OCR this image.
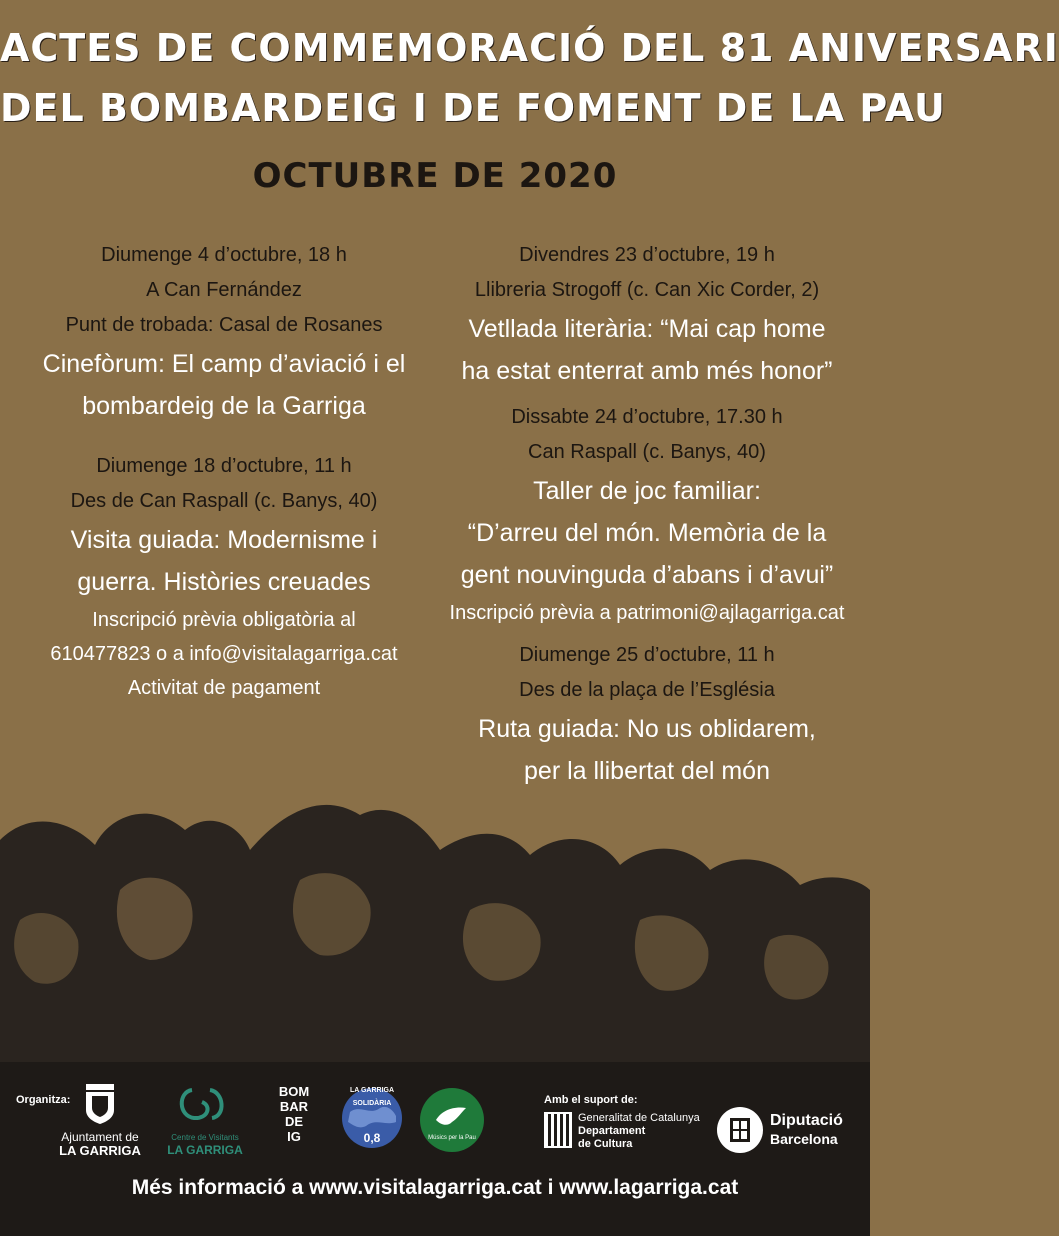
ACTES DE COMMEMORACIÓ DEL 81 ANIVERSARI
DEL BOMBARDEIG I DE FOMENT DE LA PAU
OCTUBRE DE 2020
Diumenge 4 d’octubre, 18 h
A Can Fernández
Punt de trobada: Casal de Rosanes
Cinefòrum: El camp d’aviació i el
bombardeig de la Garriga
Diumenge 18 d’octubre, 11 h
Des de Can Raspall (c. Banys, 40)
Visita guiada: Modernisme i
guerra. Històries creuades
Inscripció prèvia obligatòria al
610477823 o a info@visitalagarriga.cat
Activitat de pagament
Divendres 23 d’octubre, 19 h
Llibreria Strogoff (c. Can Xic Corder, 2)
Vetllada literària: “Mai cap home
ha estat enterrat amb més honor”
Dissabte 24 d’octubre, 17.30 h
Can Raspall (c. Banys, 40)
Taller de joc familiar:
“D’arreu del món. Memòria de la
gent nouvinguda d’abans i d’avui”
Inscripció prèvia a patrimoni@ajlagarriga.cat
Diumenge 25 d’octubre, 11 h
Des de la plaça de l’Església
Ruta guiada: No us oblidarem,
per la llibertat del món
Organitza:
Ajuntament de
LA GARRIGA
Centre de Visitants
LA GARRIGA
BOM
BAR
DE
IG
LA GARRIGA SOLIDÀRIA
0,8	Músics per la Pau
Amb el suport de:
Generalitat de Catalunya
Departament
de Cultura
Diputació
Barcelona
Més informació a www.visitalagarriga.cat i www.lagarriga.cat
